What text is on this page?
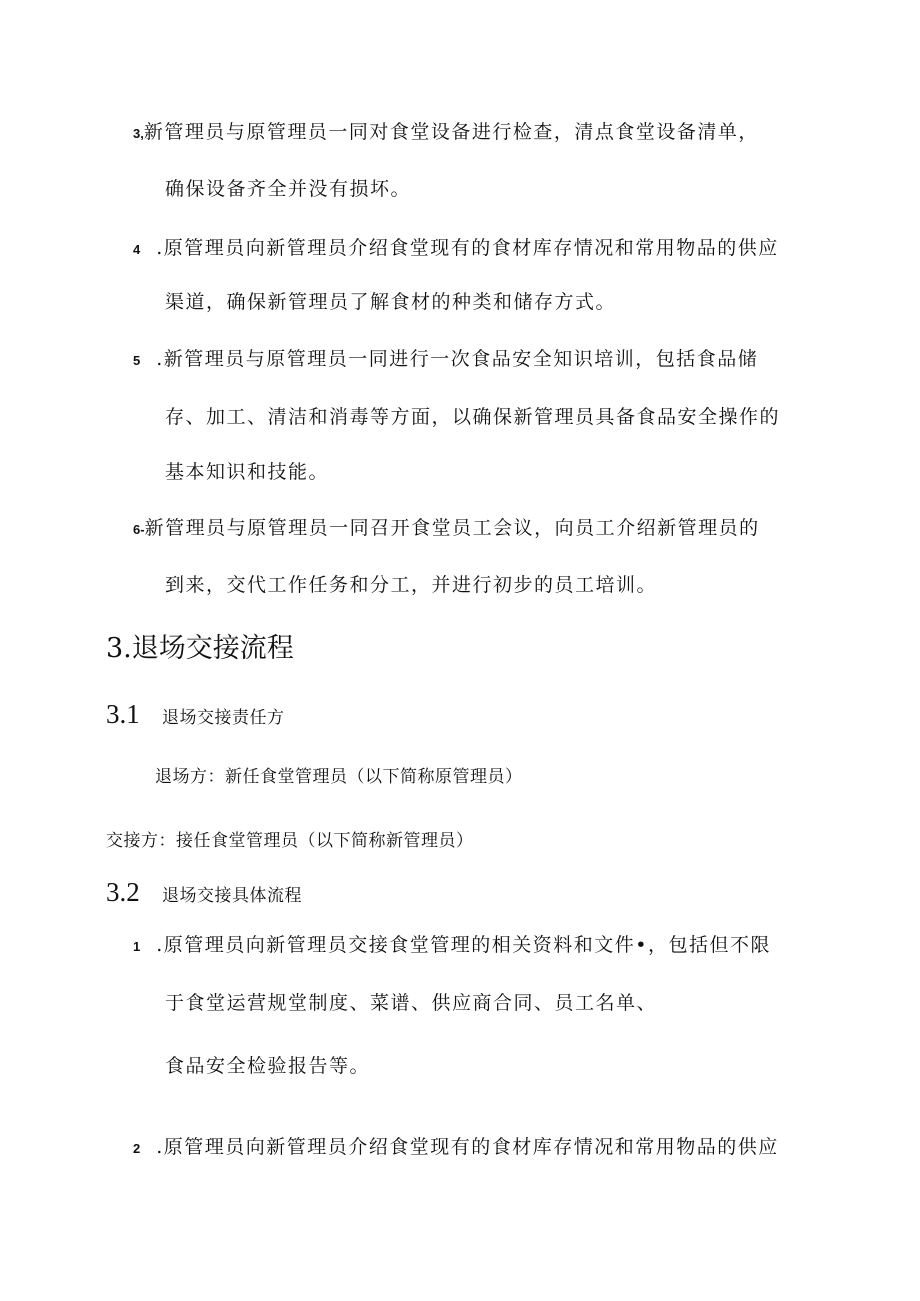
3,新管理员与原管理员一同对食堂设备进行检查，清点食堂设备清单，
确保设备齐全并没有损坏。
4 .原管理员向新管理员介绍食堂现有的食材库存情况和常用物品的供应
渠道，确保新管理员了解食材的种类和储存方式。
5 .新管理员与原管理员一同进行一次食品安全知识培训，包括食品储
存、加工、清洁和消毒等方面，以确保新管理员具备食品安全操作的
基本知识和技能。
6-新管理员与原管理员一同召开食堂员工会议，向员工介绍新管理员的
到来，交代工作任务和分工，并进行初步的员工培训。
3.退场交接流程
3.1 退场交接责任方
退场方：新任食堂管理员（以下简称原管理员）
交接方：接任食堂管理员（以下简称新管理员）
3.2 退场交接具体流程
1 .原管理员向新管理员交接食堂管理的相关资料和文件•，包括但不限
于食堂运营规堂制度、菜谱、供应商合同、员工名单、
食品安全检验报告等。
2 .原管理员向新管理员介绍食堂现有的食材库存情况和常用物品的供应
